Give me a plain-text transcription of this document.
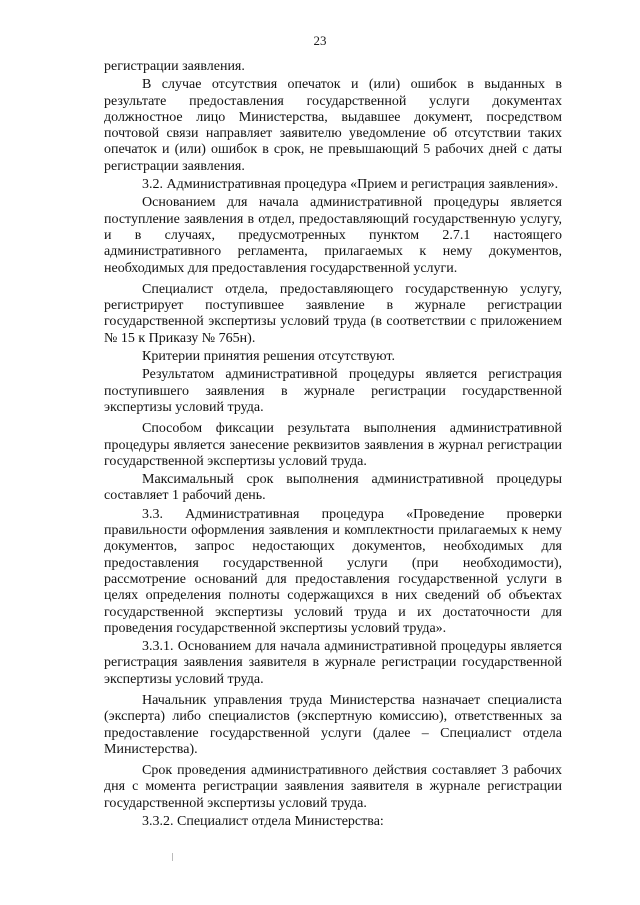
23

регистрации заявления.

В случае отсутствия опечаток и (или) ошибок в выданных в результате предоставления государственной услуги документах должностное лицо Министерства, выдавшее документ, посредством почтовой связи направляет заявителю уведомление об отсутствии таких опечаток и (или) ошибок в срок, не превышающий 5 рабочих дней с даты регистрации заявления.

3.2. Административная процедура «Прием и регистрация заявления».

Основанием для начала административной процедуры является поступление заявления в отдел, предоставляющий государственную услугу, и в случаях, предусмотренных пунктом 2.7.1 настоящего административного регламента, прилагаемых к нему документов, необходимых для предоставления государственной услуги.

Специалист отдела, предоставляющего государственную услугу, регистрирует поступившее заявление в журнале регистрации государственной экспертизы условий труда (в соответствии с приложением № 15 к Приказу № 765н).

Критерии принятия решения отсутствуют.

Результатом административной процедуры является регистрация поступившего заявления в журнале регистрации государственной экспертизы условий труда.

Способом фиксации результата выполнения административной процедуры является занесение реквизитов заявления в журнал регистрации государственной экспертизы условий труда.

Максимальный срок выполнения административной процедуры составляет 1 рабочий день.

3.3. Административная процедура «Проведение проверки правильности оформления заявления и комплектности прилагаемых к нему документов, запрос недостающих документов, необходимых для предоставления государственной услуги (при необходимости), рассмотрение оснований для предоставления государственной услуги в целях определения полноты содержащихся в них сведений об объектах государственной экспертизы условий труда и их достаточности для проведения государственной экспертизы условий труда».

3.3.1. Основанием для начала административной процедуры является регистрация заявления заявителя в журнале регистрации государственной экспертизы условий труда.

Начальник управления труда Министерства назначает специалиста (эксперта) либо специалистов (экспертную комиссию), ответственных за предоставление государственной услуги (далее – Специалист отдела Министерства).

Срок проведения административного действия составляет 3 рабочих дня с момента регистрации заявления заявителя в журнале регистрации государственной экспертизы условий труда.

3.3.2. Специалист отдела Министерства:
